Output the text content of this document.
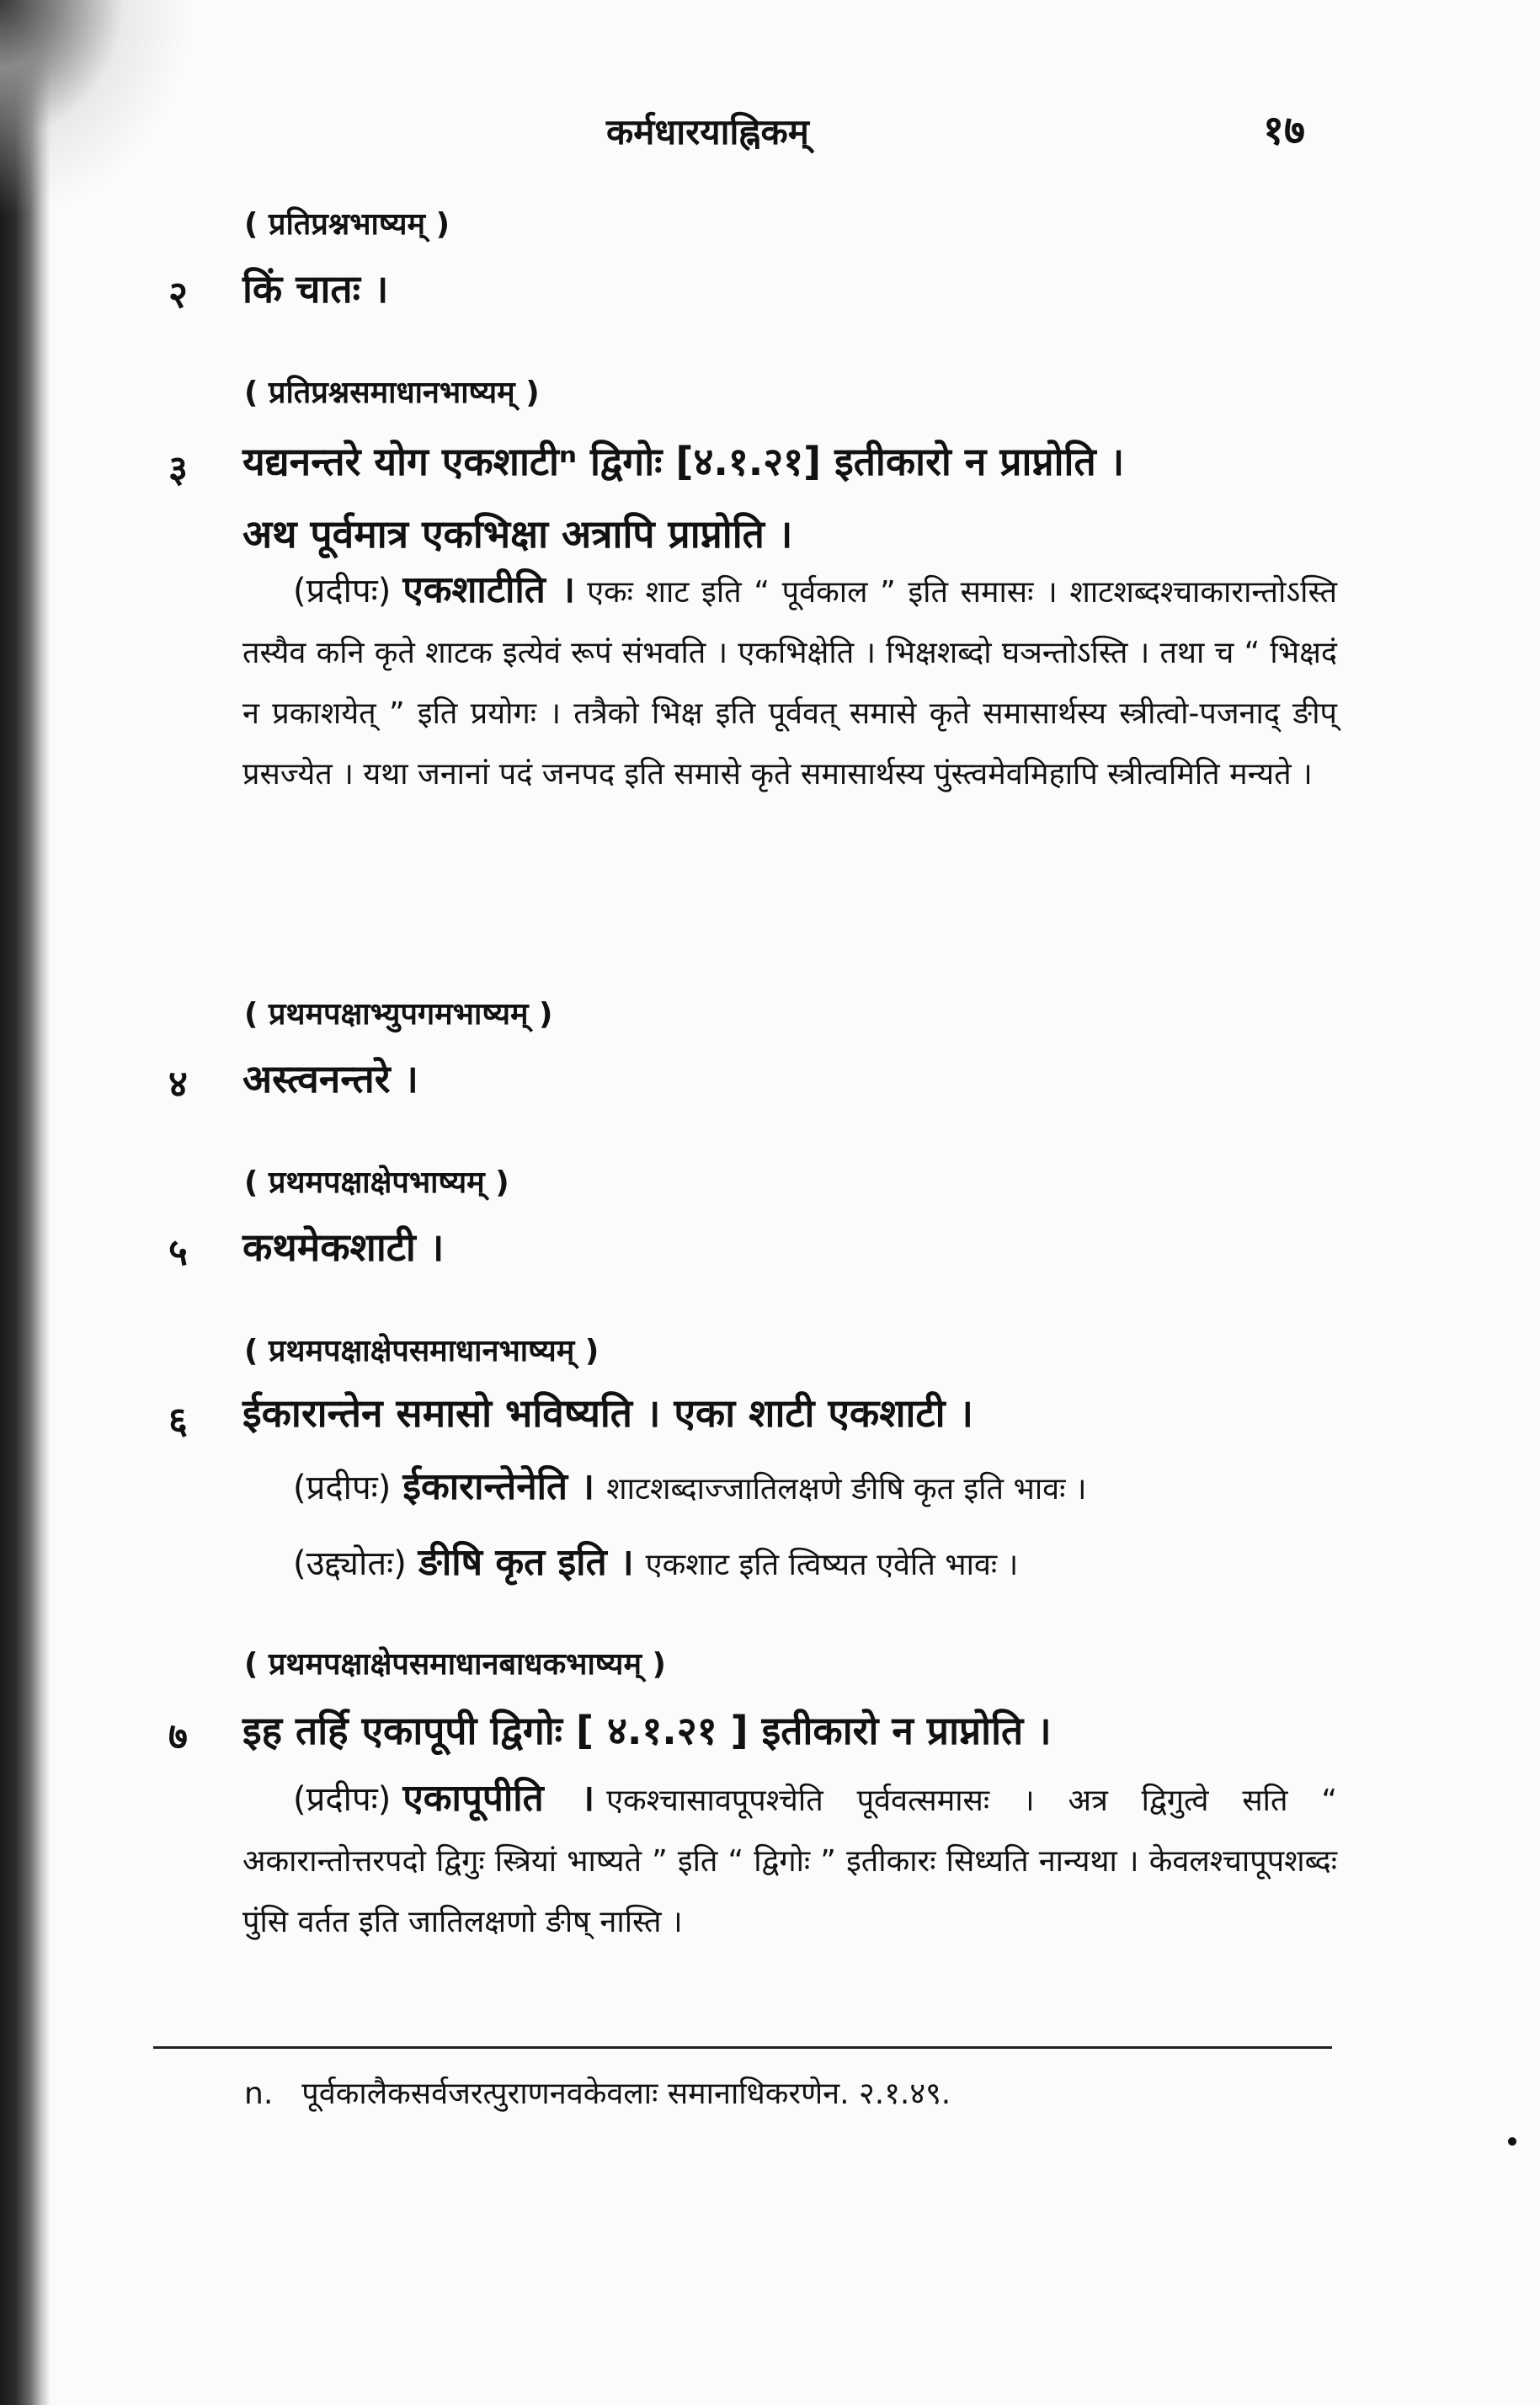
कर्मधारयाह्निकम्	१७
( प्रतिप्रश्नभाष्यम् )
२ किं चातः ।
( प्रतिप्रश्नसमाधानभाष्यम् )
३ यद्यनन्तरे योग एकशाटीⁿ द्विगोः [४.१.२१] इतीकारो न प्राप्नोति ।
अथ पूर्वमात्र एकभिक्षा अत्रापि प्राप्नोति ।
(प्रदीपः) एकशाटीति । एकः शाट इति “ पूर्वकाल ” इति समासः । शाटशब्दश्चाकारान्तोऽस्ति तस्यैव कनि कृते शाटक इत्येवं रूपं संभवति । एकभिक्षेति । भिक्षशब्दो घञन्तोऽस्ति । तथा च “ भिक्षदं न प्रकाशयेत् ” इति प्रयोगः । तत्रैको भिक्ष इति पूर्ववत् समासे कृते समासार्थस्य स्त्रीत्वो-पजनाद् ङीप् प्रसज्येत । यथा जनानां पदं जनपद इति समासे कृते समासार्थस्य पुंस्त्वमेवमिहापि स्त्रीत्वमिति मन्यते ।
( प्रथमपक्षाभ्युपगमभाष्यम् )
४ अस्त्वनन्तरे ।
( प्रथमपक्षाक्षेपभाष्यम् )
५ कथमेकशाटी ।
( प्रथमपक्षाक्षेपसमाधानभाष्यम् )
६ ईकारान्तेन समासो भविष्यति । एका शाटी एकशाटी ।
(प्रदीपः) ईकारान्तेनेति । शाटशब्दाज्जातिलक्षणे ङीषि कृत इति भावः ।
(उद्द्योतः) ङीषि कृत इति । एकशाट इति त्विष्यत एवेति भावः ।
( प्रथमपक्षाक्षेपसमाधानबाधकभाष्यम् )
७ इह तर्हि एकापूपी द्विगोः [ ४.१.२१ ] इतीकारो न प्राप्नोति ।
(प्रदीपः) एकापूपीति । एकश्चासावपूपश्चेति पूर्ववत्समासः । अत्र द्विगुत्वे सति “ अकारान्तोत्तरपदो द्विगुः स्त्रियां भाष्यते ” इति “ द्विगोः ” इतीकारः सिध्यति नान्यथा । केवलश्चापूपशब्दः पुंसि वर्तत इति जातिलक्षणो ङीष् नास्ति ।
n. पूर्वकालैकसर्वजरत्पुराणनवकेवलाः समानाधिकरणेन. २.१.४९.
